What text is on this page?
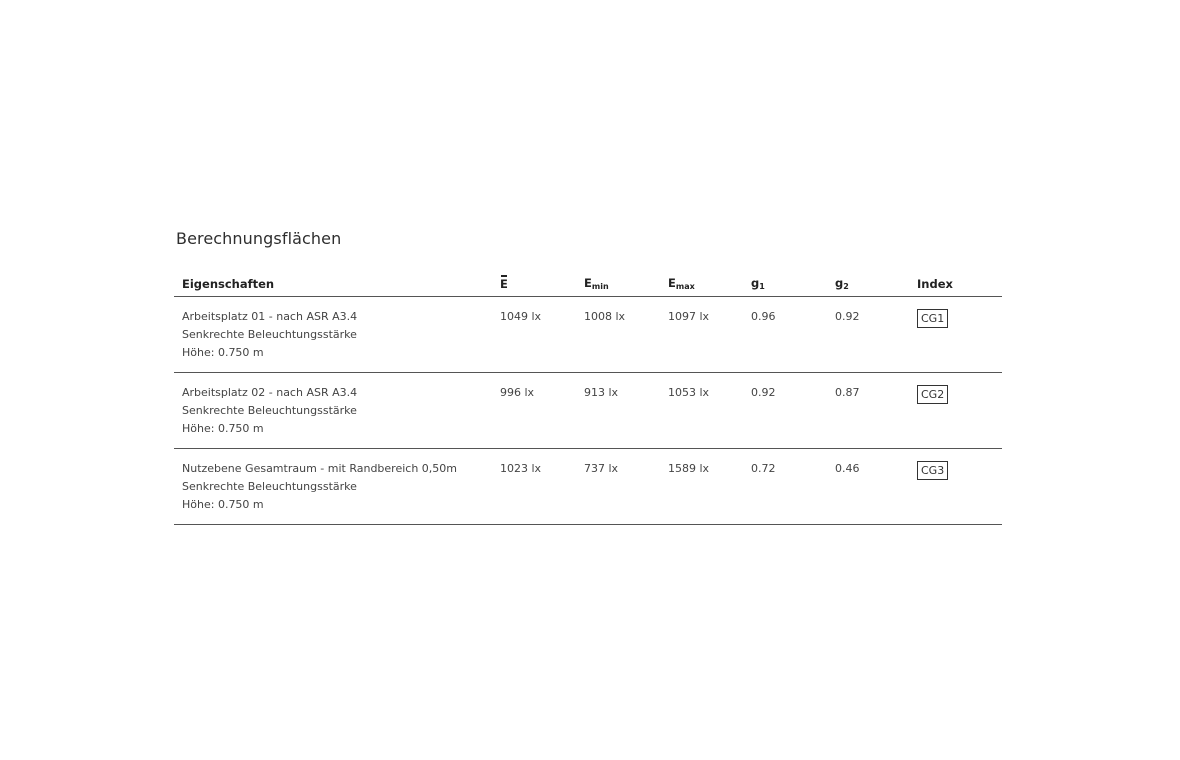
Berechnungsflächen
Eigenschaften	E	$E_{min}$	$E_{max}$	$g_1$	$g_2$	Index

Arbeitsplatz 01 - nach ASR A3.4
Senkrechte Beleuchtungsstärke
Höhe: 0.750 m	1049 lx	1008 lx	1097 lx	0.96	0.92	CG1

Arbeitsplatz 02 - nach ASR A3.4
Senkrechte Beleuchtungsstärke
Höhe: 0.750 m	996 lx	913 lx	1053 lx	0.92	0.87	CG2

Nutzebene Gesamtraum - mit Randbereich 0,50m
Senkrechte Beleuchtungsstärke
Höhe: 0.750 m	1023 lx	737 lx	1589 lx	0.72	0.46	CG3
